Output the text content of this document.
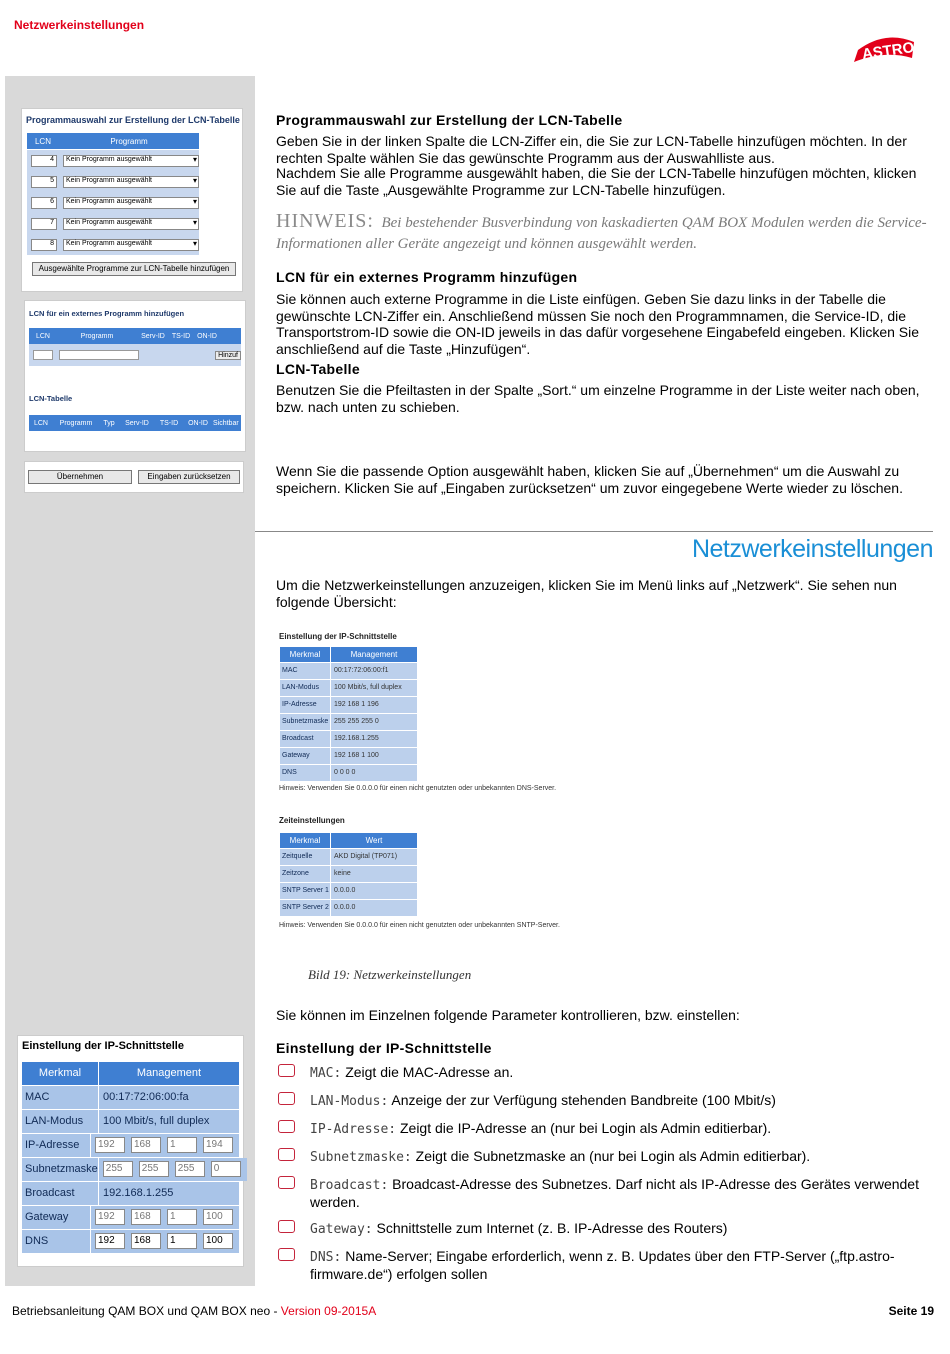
Netzwerkeinstellungen
ASTRO
Programmauswahl zur Erstellung der LCN-Tabelle
LCN	Programm
4	Kein Programm ausgewählt ▾
5	Kein Programm ausgewählt ▾
6	Kein Programm ausgewählt ▾
7	Kein Programm ausgewählt ▾
8	Kein Programm ausgewählt ▾
Ausgewählte Programme zur LCN-Tabelle hinzufügen
LCN für ein externes Programm hinzufügen
LCN	Programm	Serv-ID	TS-ID ON-ID
Hinzuf
LCN-Tabelle
LCN	Programm	Typ	Serv-ID	TS-ID	ON-ID Sichtbar
Übernehmen	Eingaben zurücksetzen
Programmauswahl zur Erstellung der LCN-Tabelle
Geben Sie in der linken Spalte die LCN-Ziffer ein, die Sie zur LCN-Tabelle hinzufügen möchten. In der rechten Spalte wählen Sie das gewünschte Programm aus der Auswahlliste aus.
Nachdem Sie alle Programme ausgewählt haben, die Sie der LCN-Tabelle hinzufügen möchten, klicken Sie auf die Taste „Ausgewählte Programme zur LCN-Tabelle hinzufügen.
HINWEIS: Bei bestehender Busverbindung von kaskadierten QAM BOX Modulen werden die Service-Informationen aller Geräte angezeigt und können ausgewählt werden.
LCN für ein externes Programm hinzufügen
Sie können auch externe Programme in die Liste einfügen. Geben Sie dazu links in der Tabelle die gewünschte LCN-Ziffer ein. Anschließend müssen Sie noch den Programmnamen, die Service-ID, die Transportstrom-ID sowie die ON-ID jeweils in das dafür vorgesehene Eingabefeld eingeben. Klicken Sie anschließend auf die Taste „Hinzufügen“.
LCN-Tabelle
Benutzen Sie die Pfeiltasten in der Spalte „Sort.“ um einzelne Programme in der Liste weiter nach oben, bzw. nach unten zu schieben.
Wenn Sie die passende Option ausgewählt haben, klicken Sie auf „Übernehmen“ um die Auswahl zu speichern. Klicken Sie auf „Eingaben zurücksetzen“ um zuvor eingegebene Werte wieder zu löschen.
Netzwerkeinstellungen
Um die Netzwerkeinstellungen anzuzeigen, klicken Sie im Menü links auf „Netzwerk“. Sie sehen nun folgende Übersicht:
Einstellung der IP-Schnittstelle
Merkmal	Management
MAC	00:17:72:06:00:f1
LAN-Modus	100 Mbit/s, full duplex
IP-Adresse	192 168 1 196
Subnetzmaske 255 255 255 0
Broadcast	192.168.1.255
Gateway	192 168 1 100
DNS	0 0 0 0
Hinweis: Verwenden Sie 0.0.0.0 für einen nicht genutzten oder unbekannten DNS-Server.
Zeiteinstellungen
Merkmal	Wert
Zeitquelle	AKD Digital (TP071)
Zeitzone	keine
SNTP Server 1 0.0.0.0
SNTP Server 2 0.0.0.0
Hinweis: Verwenden Sie 0.0.0.0 für einen nicht genutzten oder unbekannten SNTP-Server.
Bild 19: Netzwerkeinstellungen
Sie können im Einzelnen folgende Parameter kontrollieren, bzw. einstellen:
Einstellung der IP-Schnittstelle
Einstellung der IP-Schnittstelle
Merkmal	Management
MAC	00:17:72:06:00:fa
LAN-Modus	100 Mbit/s, full duplex
IP-Adresse	192	168	1	194
Subnetzmaske 255	255	255	0
Broadcast	192.168.1.255
Gateway	192	168	1	100
DNS	192	168	1	100
MAC: Zeigt die MAC-Adresse an.
LAN-Modus: Anzeige der zur Verfügung stehenden Bandbreite (100 Mbit/s)
IP-Adresse: Zeigt die IP-Adresse an (nur bei Login als Admin editierbar).
Subnetzmaske: Zeigt die Subnetzmaske an (nur bei Login als Admin editierbar).
Broadcast: Broadcast-Adresse des Subnetzes. Darf nicht als IP-Adresse des Gerätes verwendet werden.
Gateway: Schnittstelle zum Internet (z. B. IP-Adresse des Routers)
DNS: Name-Server; Eingabe erforderlich, wenn z. B. Updates über den FTP-Server („ftp.astro-firmware.de“) erfolgen sollen
Betriebsanleitung QAM BOX und QAM BOX neo - Version 09-2015A	Seite 19
